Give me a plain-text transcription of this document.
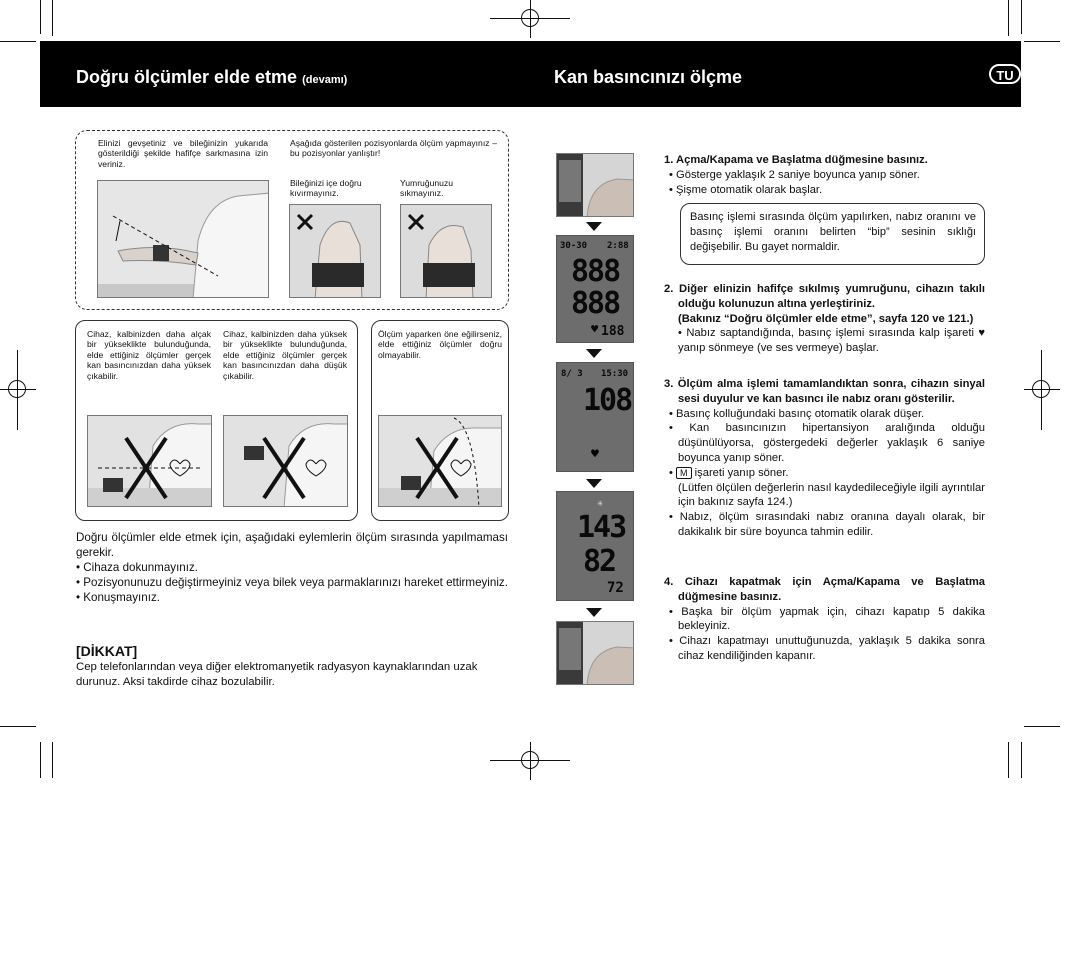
Doğru ölçümler elde etme (devamı)	Kan basıncınızı ölçme	TU
Elinizi gevşetiniz ve bileğinizin yukarıda gösterildiği şekilde hafifçe sarkmasına izin veriniz.
Aşağıda gösterilen pozisyonlarda ölçüm yapmayınız – bu pozisyonlar yanlıştır!
Bileğinizi içe doğru kıvırmayınız.
Yumruğunuzu sıkmayınız.
Cihaz, kalbinizden daha alçak bir yükseklikte bulunduğunda, elde ettiğiniz ölçümler gerçek kan basıncınızdan daha yüksek çıkabilir.
Cihaz, kalbinizden daha yüksek bir yükseklikte bulunduğunda, elde ettiğiniz ölçümler gerçek kan basıncınızdan daha düşük çıkabilir.
Ölçüm yaparken öne eğilirseniz, elde ettiğiniz ölçümler doğru olmayabilir.
Doğru ölçümler elde etmek için, aşağıdaki eylemlerin ölçüm sırasında yapılmaması gerekir.
• Cihaza dokunmayınız.
• Pozisyonunuzu değiştirmeyiniz veya bilek veya parmaklarınızı hareket ettirmeyiniz.
• Konuşmayınız.
[DİKKAT]
Cep telefonlarından veya diğer elektromanyetik radyasyon kaynaklarından uzak durunuz. Aksi takdirde cihaz bozulabilir.
30-30 2:88
888
888
188
♥
8/ 3 15:30
108
♥
143
82
72
✳
1. Açma/Kapama ve Başlatma düğmesine basınız.
• Gösterge yaklaşık 2 saniye boyunca yanıp söner.
• Şişme otomatik olarak başlar.
Basınç işlemi sırasında ölçüm yapılırken, nabız oranını ve basınç işlemi oranını belirten “bip” sesinin sıklığı değişebilir. Bu gayet normaldir.
2. Diğer elinizin hafifçe sıkılmış yumruğunu, cihazın takılı olduğu kolunuzun altına yerleştiriniz.
(Bakınız “Doğru ölçümler elde etme”, sayfa 120 ve 121.)
• Nabız saptandığında, basınç işlemi sırasında kalp işareti ♥ yanıp sönmeye (ve ses vermeye) başlar.
3. Ölçüm alma işlemi tamamlandıktan sonra, cihazın sinyal sesi duyulur ve kan basıncı ile nabız oranı gösterilir.
• Basınç kolluğundaki basınç otomatik olarak düşer.
• Kan basıncınızın hipertansiyon aralığında olduğu düşünülüyorsa, göstergedeki değerler yaklaşık 6 saniye boyunca yanıp söner.
• M işareti yanıp söner.
(Lütfen ölçülen değerlerin nasıl kaydedileceğiyle ilgili ayrıntılar için bakınız sayfa 124.)
• Nabız, ölçüm sırasındaki nabız oranına dayalı olarak, bir dakikalık bir süre boyunca tahmin edilir.
4. Cihazı kapatmak için Açma/Kapama ve Başlatma düğmesine basınız.
• Başka bir ölçüm yapmak için, cihazı kapatıp 5 dakika bekleyiniz.
• Cihazı kapatmayı unuttuğunuzda, yaklaşık 5 dakika sonra cihaz kendiliğinden kapanır.
